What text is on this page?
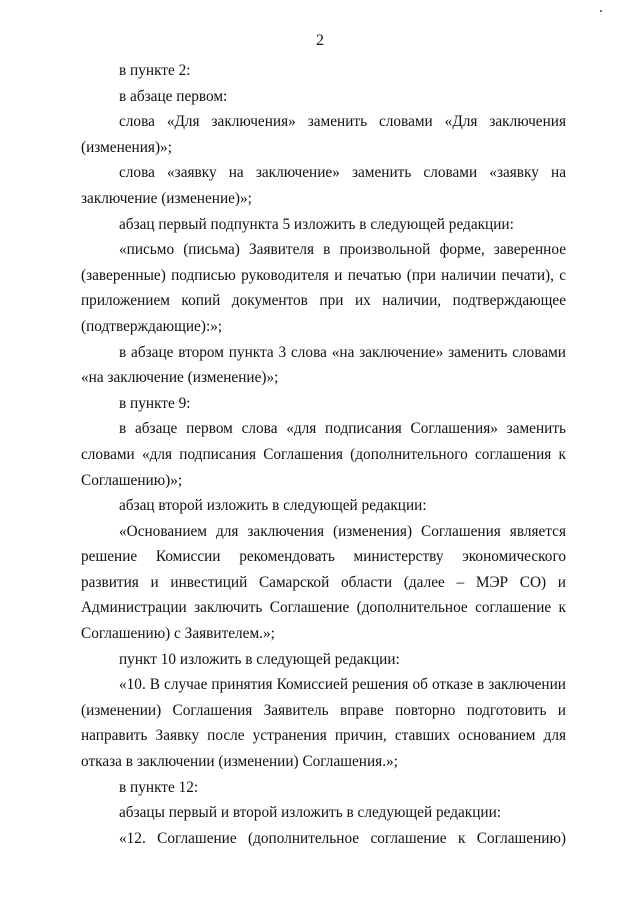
2

в пункте 2:

в абзаце первом:

слова «Для заключения» заменить словами «Для заключения (изменения)»;

слова «заявку на заключение» заменить словами «заявку на заключение (изменение)»;

абзац первый подпункта 5 изложить в следующей редакции:

«письмо (письма) Заявителя в произвольной форме, заверенное (заверенные) подписью руководителя и печатью (при наличии печати), с приложением копий документов при их наличии, подтверждающее (подтверждающие):»;

в абзаце втором пункта 3 слова «на заключение» заменить словами «на заключение (изменение)»;

в пункте 9:

в абзаце первом слова «для подписания Соглашения» заменить словами «для подписания Соглашения (дополнительного соглашения к Соглашению)»;

абзац второй изложить в следующей редакции:

«Основанием для заключения (изменения) Соглашения является решение Комиссии рекомендовать министерству экономического развития и инвестиций Самарской области (далее – МЭР СО) и Администрации заключить Соглашение (дополнительное соглашение к Соглашению) с Заявителем.»;

пункт 10 изложить в следующей редакции:

«10. В случае принятия Комиссией решения об отказе в заключении (изменении) Соглашения Заявитель вправе повторно подготовить и направить Заявку после устранения причин, ставших основанием для отказа в заключении (изменении) Соглашения.»;

в пункте 12:

абзацы первый и второй изложить в следующей редакции:

«12. Соглашение (дополнительное соглашение к Соглашению)
